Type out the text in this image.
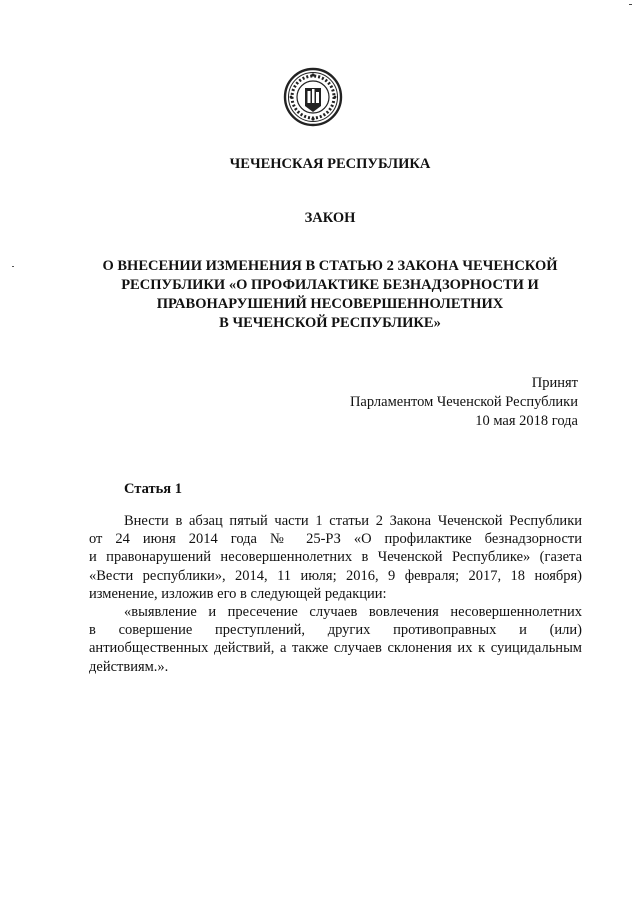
ЧЕЧЕНСКАЯ РЕСПУБЛИКА
ЗАКОН
О ВНЕСЕНИИ ИЗМЕНЕНИЯ В СТАТЬЮ 2 ЗАКОНА ЧЕЧЕНСКОЙ
РЕСПУБЛИКИ «О ПРОФИЛАКТИКЕ БЕЗНАДЗОРНОСТИ И
ПРАВОНАРУШЕНИЙ НЕСОВЕРШЕННОЛЕТНИХ
В ЧЕЧЕНСКОЙ РЕСПУБЛИКЕ»
Принят
Парламентом Чеченской Республики
10 мая 2018 года
Статья 1
Внести в абзац пятый части 1 статьи 2 Закона Чеченской Республики
от 24 июня 2014 года № 25-РЗ «О профилактике безнадзорности
и правонарушений несовершеннолетних в Чеченской Республике» (газета
«Вести республики», 2014, 11 июля; 2016, 9 февраля; 2017, 18 ноября)
изменение, изложив его в следующей редакции:
«выявление и пресечение случаев вовлечения несовершеннолетних
в совершение преступлений, других противоправных и (или)
антиобщественных действий, а также случаев склонения их к суицидальным
действиям.».
